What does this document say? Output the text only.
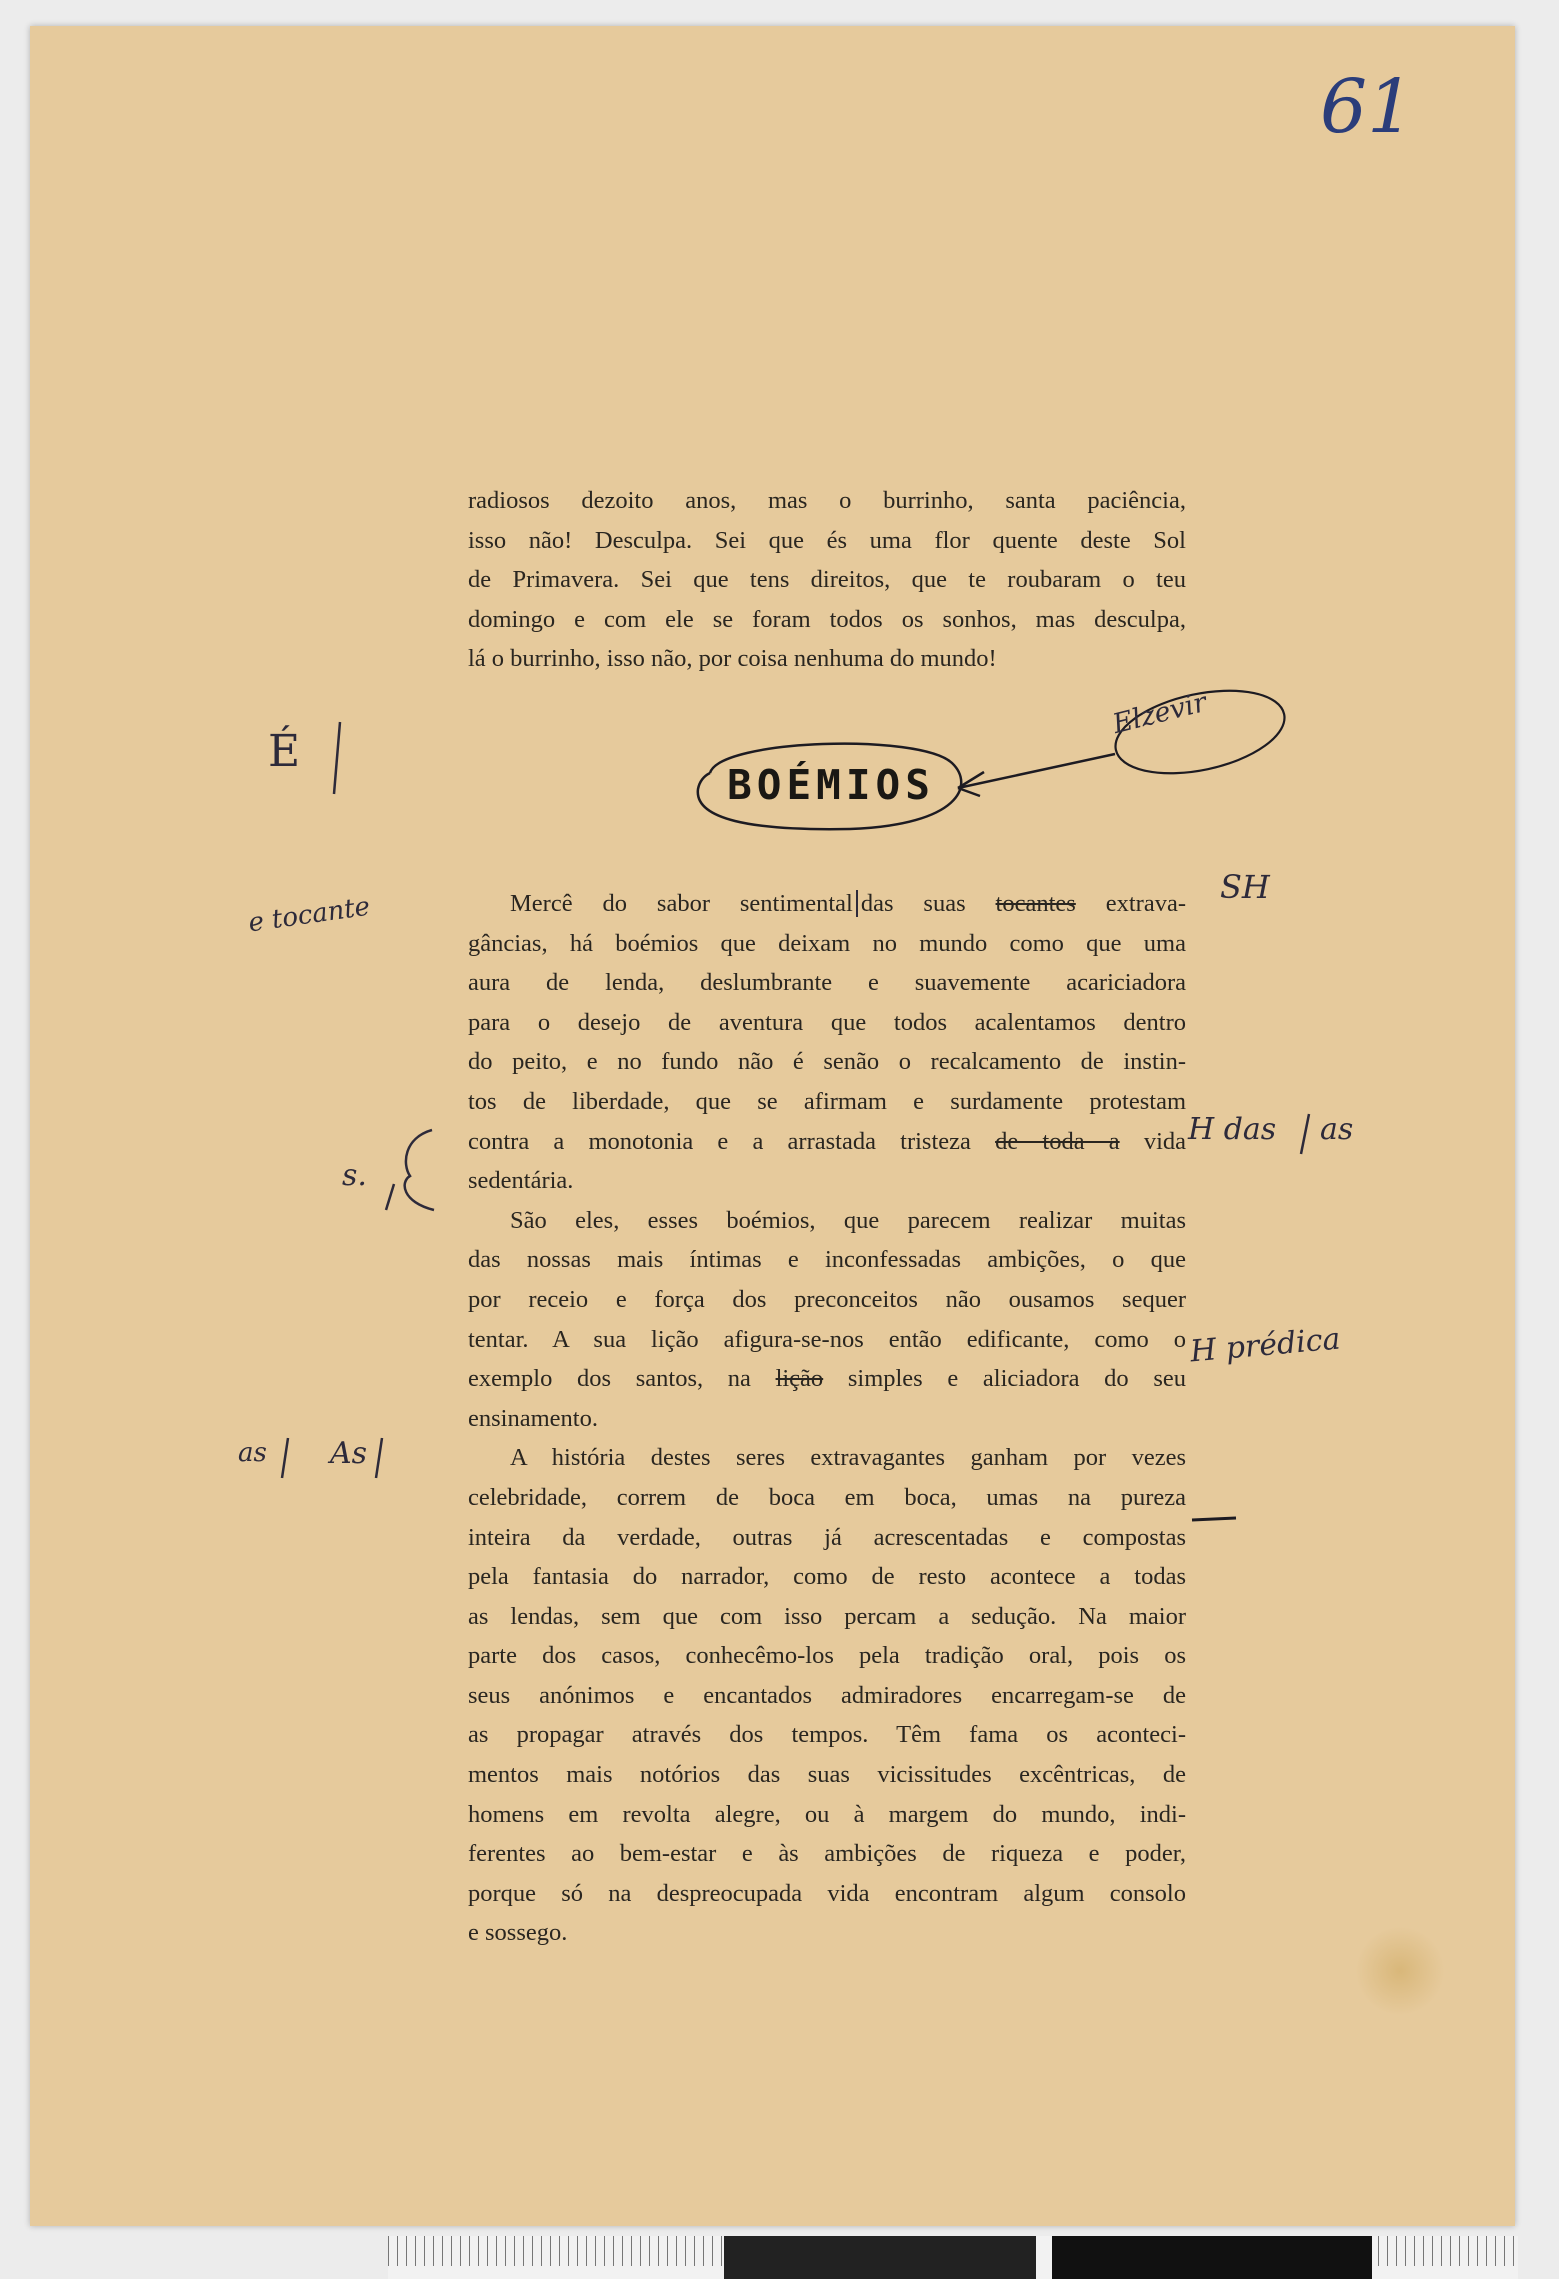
61
radiosos dezoito anos, mas o burrinho, santa paciência,
isso não! Desculpa. Sei que és uma flor quente deste Sol
de Primavera. Sei que tens direitos, que te roubaram o teu
domingo e com ele se foram todos os sonhos, mas desculpa,
lá o burrinho, isso não, por coisa nenhuma do mundo!
BOÉMIOS
Elzevir
Mercê do sabor sentimental das suas tocantes extrava-
gâncias, há boémios que deixam no mundo como que uma
aura de lenda, deslumbrante e suavemente acariciadora
para o desejo de aventura que todos acalentamos dentro
do peito, e no fundo não é senão o recalcamento de instin-
tos de liberdade, que se afirmam e surdamente protestam
contra a monotonia e a arrastada tristeza de toda a vida
sedentária.
São eles, esses boémios, que parecem realizar muitas
das nossas mais íntimas e inconfessadas ambições, o que
por receio e força dos preconceitos não ousamos sequer
tentar. A sua lição afigura-se-nos então edificante, como o
exemplo dos santos, na lição simples e aliciadora do seu
ensinamento.
A história destes seres extravagantes ganham por vezes
celebridade, correm de boca em boca, umas na pureza
inteira da verdade, outras já acrescentadas e compostas
pela fantasia do narrador, como de resto acontece a todas
as lendas, sem que com isso percam a sedução. Na maior
parte dos casos, conhecêmo-los pela tradição oral, pois os
seus anónimos e encantados admiradores encarregam-se de
as propagar através dos tempos. Têm fama os aconteci-
mentos mais notórios das suas vicissitudes excêntricas, de
homens em revolta alegre, ou à margem do mundo, indi-
ferentes ao bem-estar e às ambições de riqueza e poder,
porque só na despreocupada vida encontram algum consolo
e sossego.
É
e tocante
SH
H das as
s.
H prédica
as As
